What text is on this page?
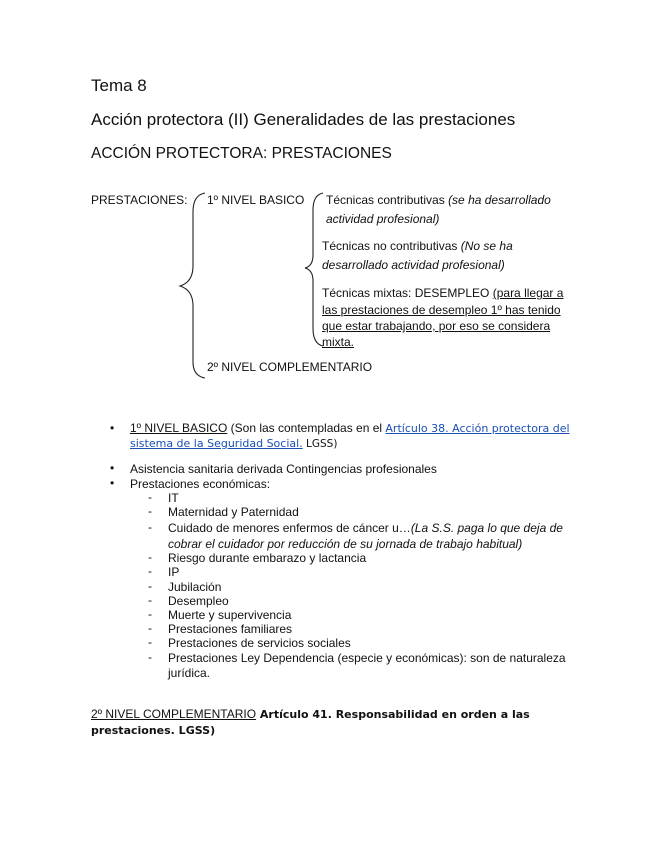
Tema 8
Acción protectora (II) Generalidades de las prestaciones
ACCIÓN PROTECTORA: PRESTACIONES
PRESTACIONES: 1º NIVEL BASICO
2º NIVEL COMPLEMENTARIO
Técnicas contributivas (se ha desarrollado
actividad profesional)
Técnicas no contributivas (No se ha
desarrollado actividad profesional)
Técnicas mixtas: DESEMPLEO (para llegar a
las prestaciones de desempleo 1º has tenido
que estar trabajando, por eso se considera
mixta.
• 1º NIVEL BASICO (Son las contempladas en el Artículo 38. Acción protectora del
sistema de la Seguridad Social. LGSS)
• Asistencia sanitaria derivada Contingencias profesionales
• Prestaciones económicas:
- IT
- Maternidad y Paternidad
- Cuidado de menores enfermos de cáncer u…(La S.S. paga lo que deja de
cobrar el cuidador por reducción de su jornada de trabajo habitual)
- Riesgo durante embarazo y lactancia
- IP
- Jubilación
- Desempleo
- Muerte y supervivencia
- Prestaciones familiares
- Prestaciones de servicios sociales
- Prestaciones Ley Dependencia (especie y económicas): son de naturaleza
jurídica.
2º NIVEL COMPLEMENTARIO Artículo 41. Responsabilidad en orden a las
prestaciones. LGSS)
